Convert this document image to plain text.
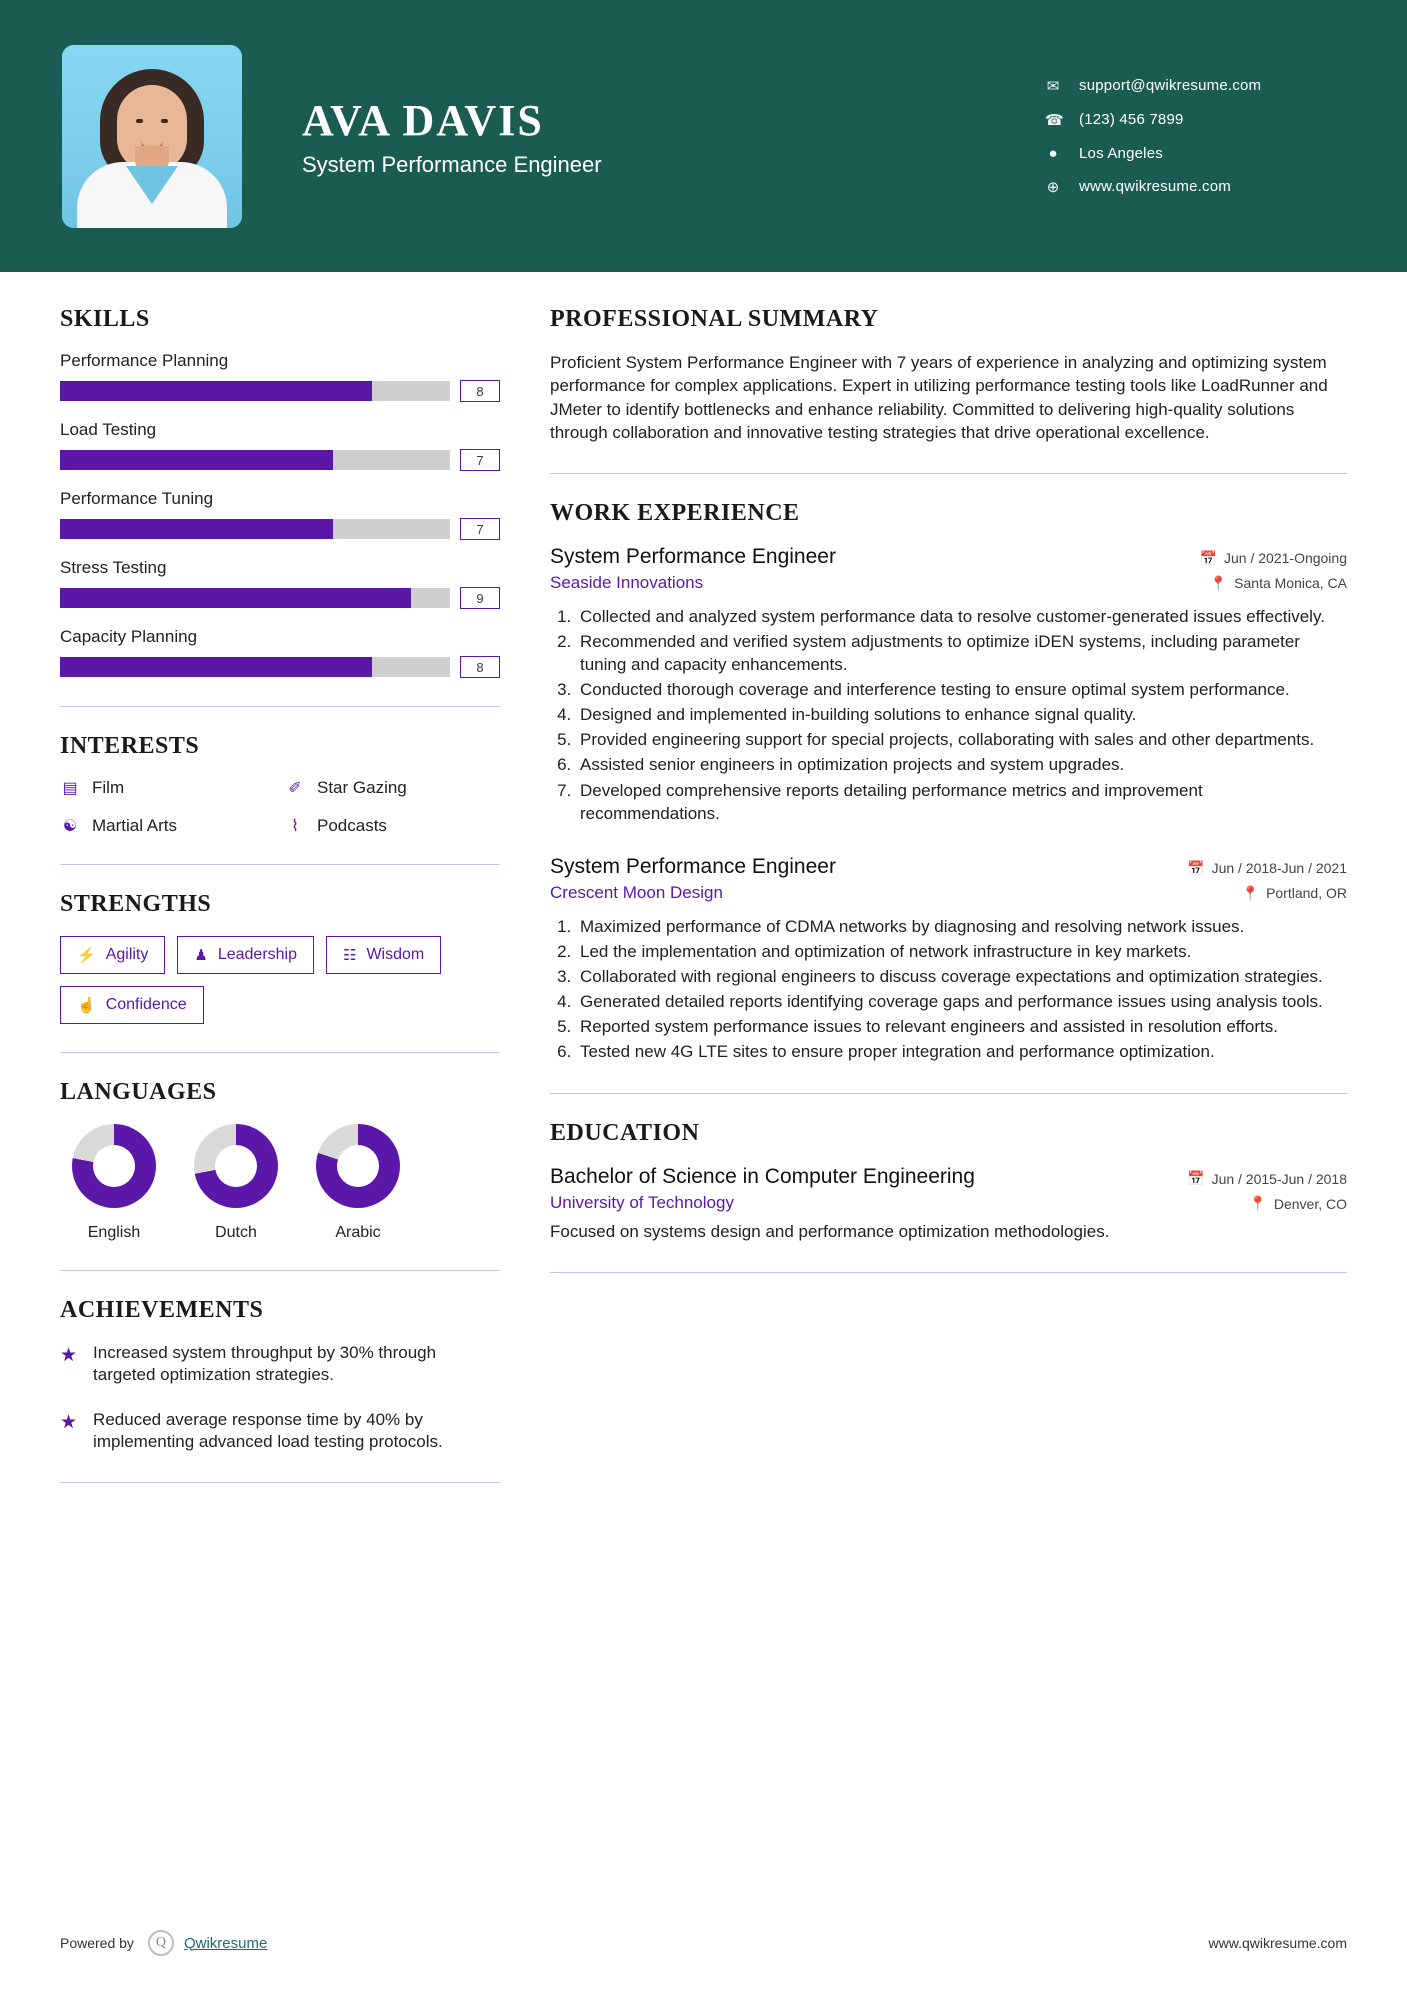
AVA DAVIS
System Performance Engineer
✉ support@qwikresume.com
☎ (123) 456 7899
● Los Angeles
⊕ www.qwikresume.com
SKILLS
Performance Planning
8
Load Testing
7
Performance Tuning
7
Stress Testing
9
Capacity Planning
8
INTERESTS
▤ Film	✐ Star Gazing
☯ Martial Arts	⌇	Podcasts
STRENGTHS
⚡ Agility	♟ Leadership	☷ Wisdom
☝ Confidence
LANGUAGES
English	Dutch	Arabic
ACHIEVEMENTS
★ Increased system throughput by 30% through targeted optimization strategies.
★ Reduced average response time by 40% by implementing advanced load testing protocols.
PROFESSIONAL SUMMARY
Proficient System Performance Engineer with 7 years of experience in analyzing and optimizing system performance for complex applications. Expert in utilizing performance testing tools like LoadRunner and JMeter to identify bottlenecks and enhance reliability. Committed to delivering high-quality solutions through collaboration and innovative testing strategies that drive operational excellence.
WORK EXPERIENCE
System Performance Engineer	📅 Jun / 2021-Ongoing
Seaside Innovations	📍 Santa Monica, CA
1. Collected and analyzed system performance data to resolve customer-generated issues effectively.
2. Recommended and verified system adjustments to optimize iDEN systems, including parameter tuning and capacity enhancements.
3. Conducted thorough coverage and interference testing to ensure optimal system performance.
4. Designed and implemented in-building solutions to enhance signal quality.
5. Provided engineering support for special projects, collaborating with sales and other departments.
6. Assisted senior engineers in optimization projects and system upgrades.
7. Developed comprehensive reports detailing performance metrics and improvement recommendations.
System Performance Engineer	📅 Jun / 2018-Jun / 2021
Crescent Moon Design	📍 Portland, OR
1. Maximized performance of CDMA networks by diagnosing and resolving network issues.
2. Led the implementation and optimization of network infrastructure in key markets.
3. Collaborated with regional engineers to discuss coverage expectations and optimization strategies.
4. Generated detailed reports identifying coverage gaps and performance issues using analysis tools.
5. Reported system performance issues to relevant engineers and assisted in resolution efforts.
6. Tested new 4G LTE sites to ensure proper integration and performance optimization.
EDUCATION
Bachelor of Science in Computer Engineering	📅 Jun / 2015-Jun / 2018
University of Technology	📍 Denver, CO
Focused on systems design and performance optimization methodologies.
Powered by	Q	Qwikresume	www.qwikresume.com
